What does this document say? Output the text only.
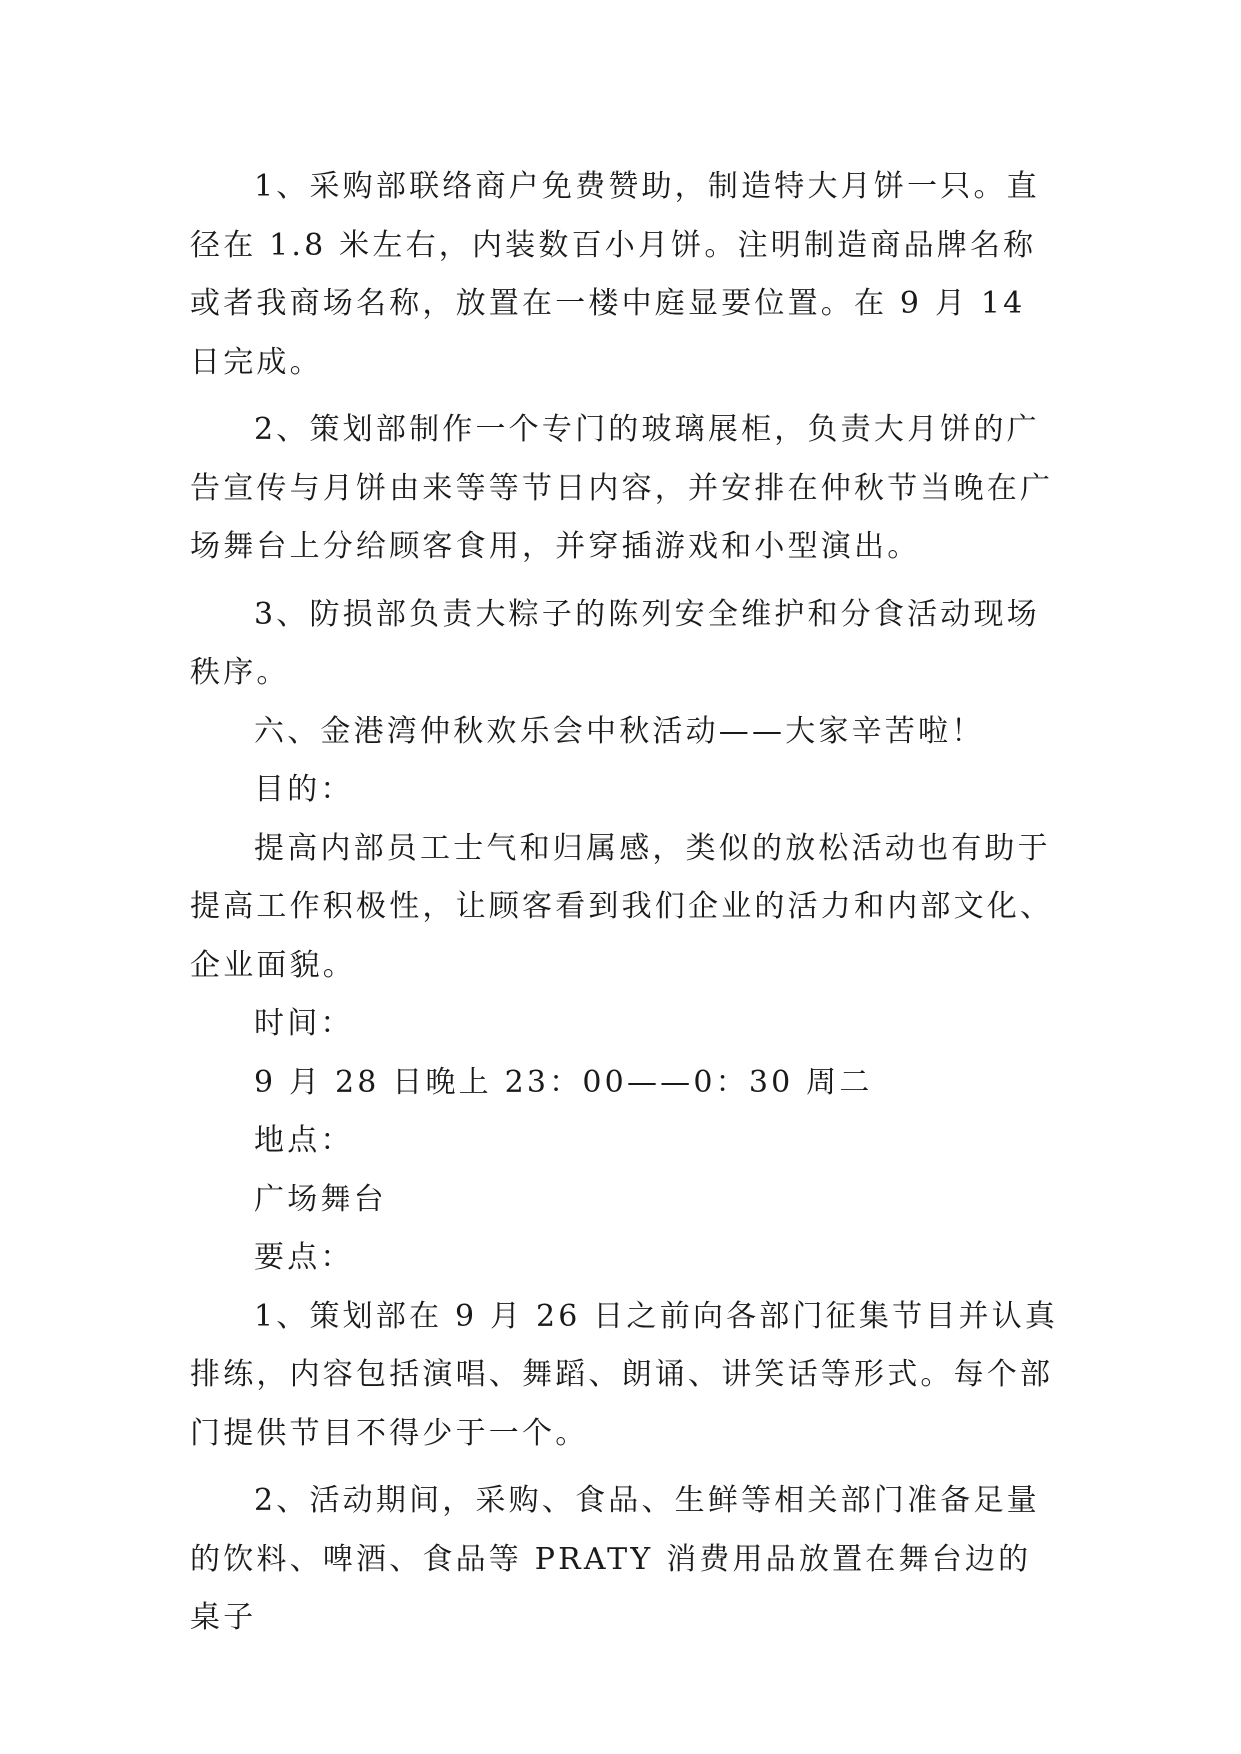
1、采购部联络商户免费赞助，制造特大月饼一只。直径在 1.8 米左右，内装数百小月饼。注明制造商品牌名称或者我商场名称，放置在一楼中庭显要位置。在 9 月 14 日完成。

2、策划部制作一个专门的玻璃展柜，负责大月饼的广告宣传与月饼由来等等节日内容，并安排在仲秋节当晚在广场舞台上分给顾客食用，并穿插游戏和小型演出。

3、防损部负责大粽子的陈列安全维护和分食活动现场秩序。

六、金港湾仲秋欢乐会中秋活动——大家辛苦啦！

目的：

提高内部员工士气和归属感，类似的放松活动也有助于提高工作积极性，让顾客看到我们企业的活力和内部文化、企业面貌。

时间：

9 月 28 日晚上 23：00——0：30 周二

地点：

广场舞台

要点：

1、策划部在 9 月 26 日之前向各部门征集节目并认真排练，内容包括演唱、舞蹈、朗诵、讲笑话等形式。每个部门提供节目不得少于一个。

2、活动期间，采购、食品、生鲜等相关部门准备足量的饮料、啤酒、食品等 PRATY 消费用品放置在舞台边的桌子
